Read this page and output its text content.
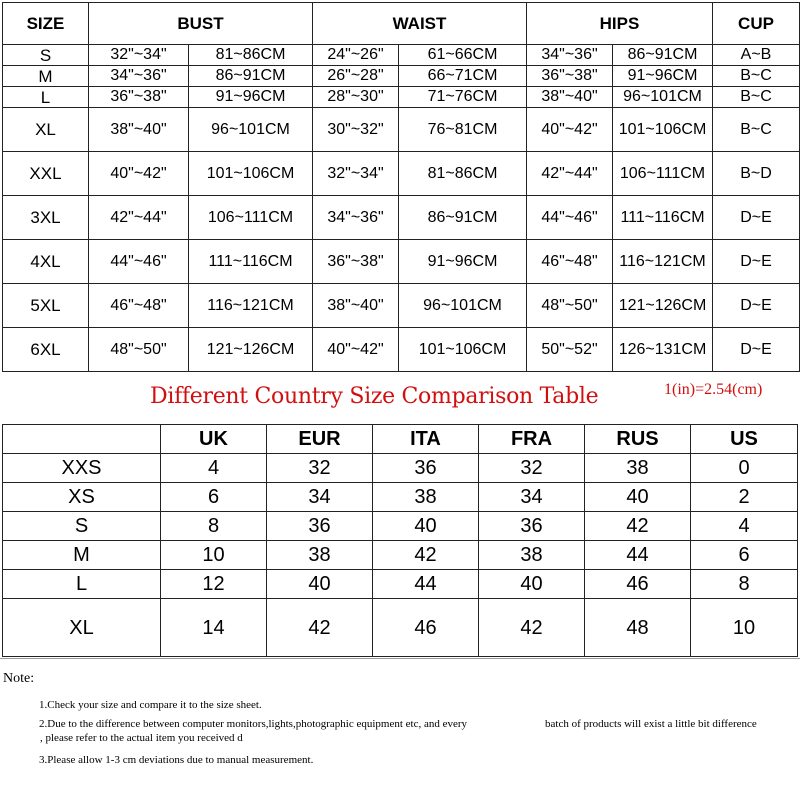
SIZE	BUST		WAIST		HIPS		CUP
S	32"~34"	81~86CM	24"~26"	61~66CM	34"~36"	86~91CM	A~B
M	34"~36"	86~91CM	26"~28"	66~71CM	36"~38"	91~96CM	B~C
L	36"~38"	91~96CM	28"~30"	71~76CM	38"~40"	96~101CM	B~C
XL	38"~40"	96~101CM	30"~32"	76~81CM	40"~42"	101~106CM	B~C
XXL	40"~42"	101~106CM	32"~34"	81~86CM	42"~44"	106~111CM	B~D
3XL	42"~44"	106~111CM	34"~36"	86~91CM	44"~46"	111~116CM	D~E
4XL	44"~46"	111~116CM	36"~38"	91~96CM	46"~48"	116~121CM	D~E
5XL	46"~48"	116~121CM	38"~40"	96~101CM	48"~50"	121~126CM	D~E
6XL	48"~50"	121~126CM	40"~42"	101~106CM	50"~52"	126~131CM	D~E
Different Country Size Comparison Table	1(in)=2.54(cm)
	UK	EUR	ITA	FRA	RUS	US
XXS	4	32	36	32	38	0
XS	6	34	38	34	40	2
S	8	36	40	36	42	4
M	10	38	42	38	44	6
L	12	40	44	40	46	8
XL	14	42	46	42	48	10
Note:
1.Check your size and compare it to the size sheet.
2.Due to the difference between computer monitors,lights,photographic equipment etc, and every	batch of products will exist a little bit difference
, please refer to the actual item you received d
3.Please allow 1-3 cm deviations due to manual measurement.
